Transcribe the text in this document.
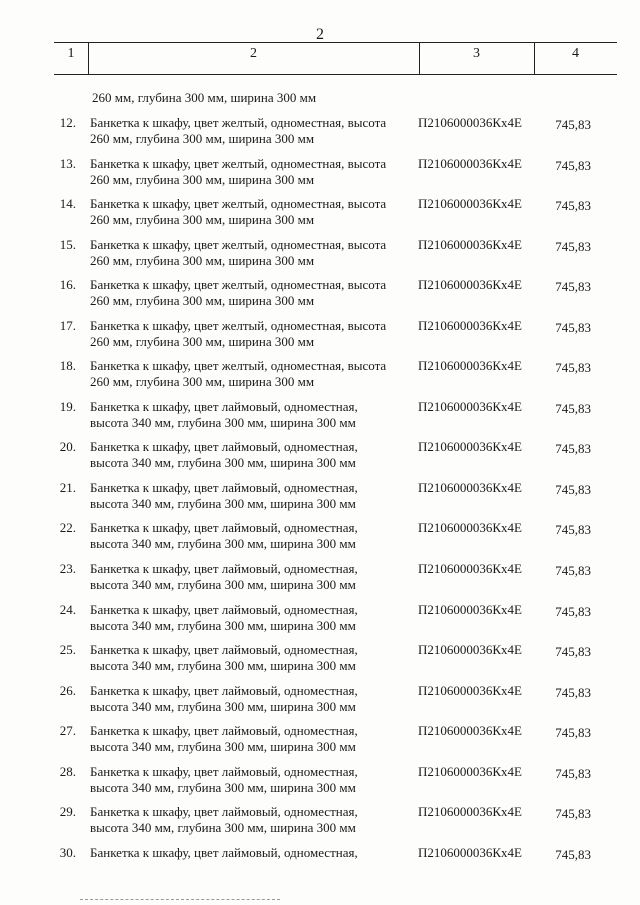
2
1	2	3	4
260 мм, глубина 300 мм, ширина 300 мм
12. Банкетка к шкафу, цвет желтый, одноместная, высота
260 мм, глубина 300 мм, ширина 300 мм
П2106000036Кх4Е	745,83
13. Банкетка к шкафу, цвет желтый, одноместная, высота
260 мм, глубина 300 мм, ширина 300 мм
П2106000036Кх4Е	745,83
14. Банкетка к шкафу, цвет желтый, одноместная, высота
260 мм, глубина 300 мм, ширина 300 мм
П2106000036Кх4Е	745,83
15. Банкетка к шкафу, цвет желтый, одноместная, высота
260 мм, глубина 300 мм, ширина 300 мм
П2106000036Кх4Е	745,83
16. Банкетка к шкафу, цвет желтый, одноместная, высота
260 мм, глубина 300 мм, ширина 300 мм
П2106000036Кх4Е	745,83
17. Банкетка к шкафу, цвет желтый, одноместная, высота
260 мм, глубина 300 мм, ширина 300 мм
П2106000036Кх4Е	745,83
18. Банкетка к шкафу, цвет желтый, одноместная, высота
260 мм, глубина 300 мм, ширина 300 мм
П2106000036Кх4Е	745,83
19. Банкетка к шкафу, цвет лаймовый, одноместная,
высота 340 мм, глубина 300 мм, ширина 300 мм
П2106000036Кх4Е	745,83
20. Банкетка к шкафу, цвет лаймовый, одноместная,
высота 340 мм, глубина 300 мм, ширина 300 мм
П2106000036Кх4Е	745,83
21. Банкетка к шкафу, цвет лаймовый, одноместная,
высота 340 мм, глубина 300 мм, ширина 300 мм
П2106000036Кх4Е	745,83
22. Банкетка к шкафу, цвет лаймовый, одноместная,
высота 340 мм, глубина 300 мм, ширина 300 мм
П2106000036Кх4Е	745,83
23. Банкетка к шкафу, цвет лаймовый, одноместная,
высота 340 мм, глубина 300 мм, ширина 300 мм
П2106000036Кх4Е	745,83
24. Банкетка к шкафу, цвет лаймовый, одноместная,
высота 340 мм, глубина 300 мм, ширина 300 мм
П2106000036Кх4Е	745,83
25. Банкетка к шкафу, цвет лаймовый, одноместная,
высота 340 мм, глубина 300 мм, ширина 300 мм
П2106000036Кх4Е	745,83
26. Банкетка к шкафу, цвет лаймовый, одноместная,
высота 340 мм, глубина 300 мм, ширина 300 мм
П2106000036Кх4Е	745,83
27. Банкетка к шкафу, цвет лаймовый, одноместная,
высота 340 мм, глубина 300 мм, ширина 300 мм
П2106000036Кх4Е	745,83
28. Банкетка к шкафу, цвет лаймовый, одноместная,
высота 340 мм, глубина 300 мм, ширина 300 мм
П2106000036Кх4Е	745,83
29. Банкетка к шкафу, цвет лаймовый, одноместная,
высота 340 мм, глубина 300 мм, ширина 300 мм
П2106000036Кх4Е	745,83
30. Банкетка к шкафу, цвет лаймовый, одноместная,	П2106000036Кх4Е	745,83
